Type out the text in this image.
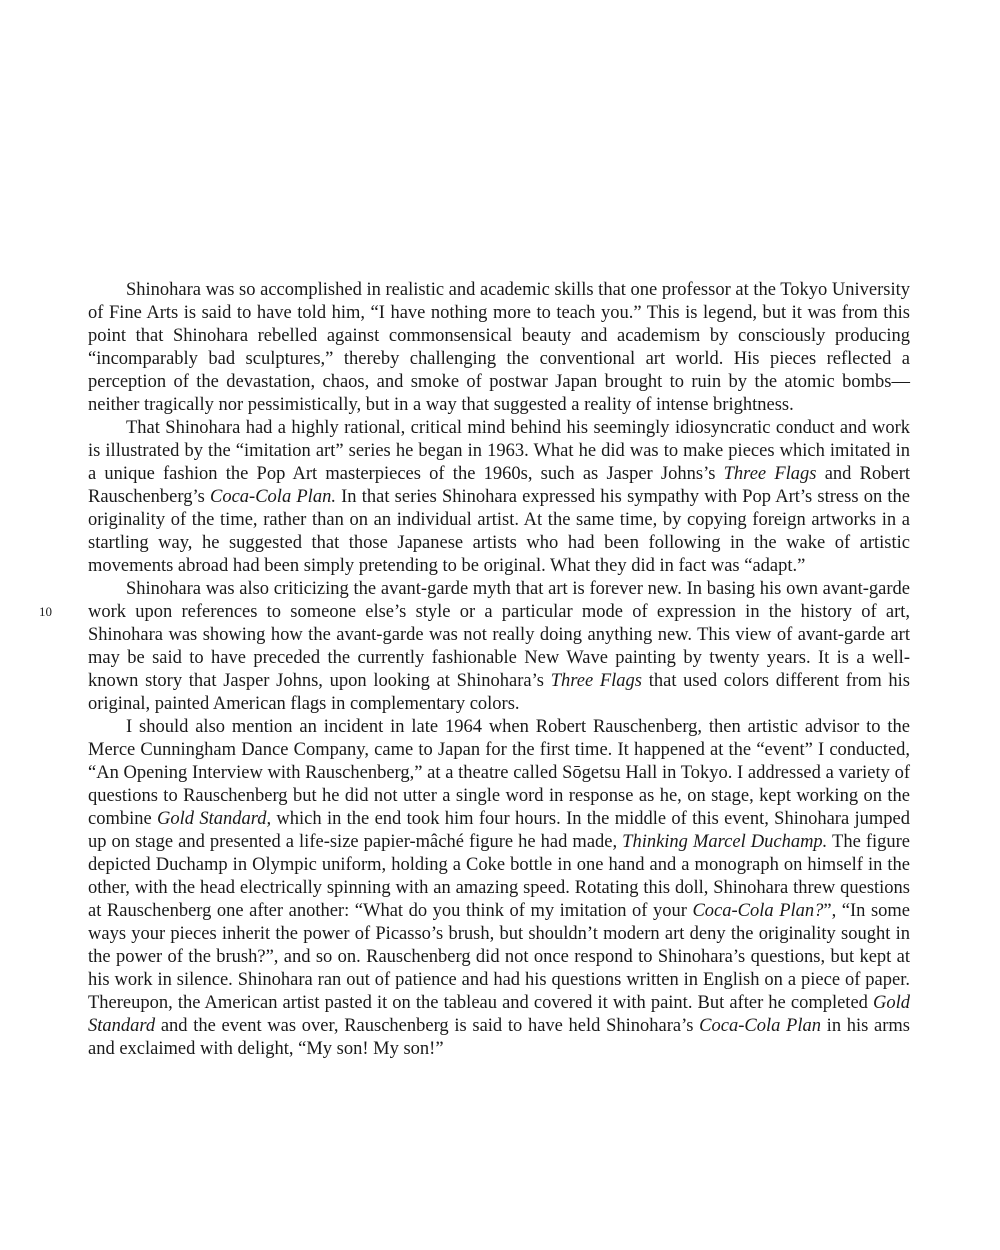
10

Shinohara was so accomplished in realistic and academic skills that one professor at the Tokyo University of Fine Arts is said to have told him, “I have nothing more to teach you.” This is legend, but it was from this point that Shinohara rebelled against commonsensical beauty and academism by consciously producing “incomparably bad sculptures,” thereby challenging the conventional art world. His pieces reflected a perception of the devastation, chaos, and smoke of postwar Japan brought to ruin by the atomic bombs—neither tragically nor pessimistically, but in a way that suggested a reality of intense brightness.

That Shinohara had a highly rational, critical mind behind his seemingly idiosyncratic conduct and work is illustrated by the “imitation art” series he began in 1963. What he did was to make pieces which imitated in a unique fashion the Pop Art masterpieces of the 1960s, such as Jasper Johns’s Three Flags and Robert Rauschenberg’s Coca-Cola Plan. In that series Shinohara expressed his sympathy with Pop Art’s stress on the originality of the time, rather than on an individual artist. At the same time, by copying foreign artworks in a startling way, he suggested that those Japanese artists who had been following in the wake of artistic movements abroad had been simply pretending to be original. What they did in fact was “adapt.”

Shinohara was also criticizing the avant-garde myth that art is forever new. In basing his own avant-garde work upon references to someone else’s style or a particular mode of expression in the history of art, Shinohara was showing how the avant-garde was not really doing anything new. This view of avant-garde art may be said to have preceded the currently fashionable New Wave painting by twenty years. It is a well-known story that Jasper Johns, upon looking at Shinohara’s Three Flags that used colors different from his original, painted American flags in complementary colors.

I should also mention an incident in late 1964 when Robert Rauschenberg, then artistic advisor to the Merce Cunningham Dance Company, came to Japan for the first time. It happened at the “event” I conducted, “An Opening Interview with Rauschenberg,” at a theatre called Sōgetsu Hall in Tokyo. I addressed a variety of questions to Rauschenberg but he did not utter a single word in response as he, on stage, kept working on the combine Gold Standard, which in the end took him four hours. In the middle of this event, Shinohara jumped up on stage and presented a life-size papier-mâché figure he had made, Thinking Marcel Duchamp. The figure depicted Duchamp in Olympic uniform, holding a Coke bottle in one hand and a monograph on himself in the other, with the head electrically spinning with an amazing speed. Rotating this doll, Shinohara threw questions at Rauschenberg one after another: “What do you think of my imitation of your Coca-Cola Plan?”, “In some ways your pieces inherit the power of Picasso’s brush, but shouldn’t modern art deny the originality sought in the power of the brush?”, and so on. Rauschenberg did not once respond to Shinohara’s questions, but kept at his work in silence. Shinohara ran out of patience and had his questions written in English on a piece of paper. Thereupon, the American artist pasted it on the tableau and covered it with paint. But after he completed Gold Standard and the event was over, Rauschenberg is said to have held Shinohara’s Coca-Cola Plan in his arms and exclaimed with delight, “My son! My son!”
